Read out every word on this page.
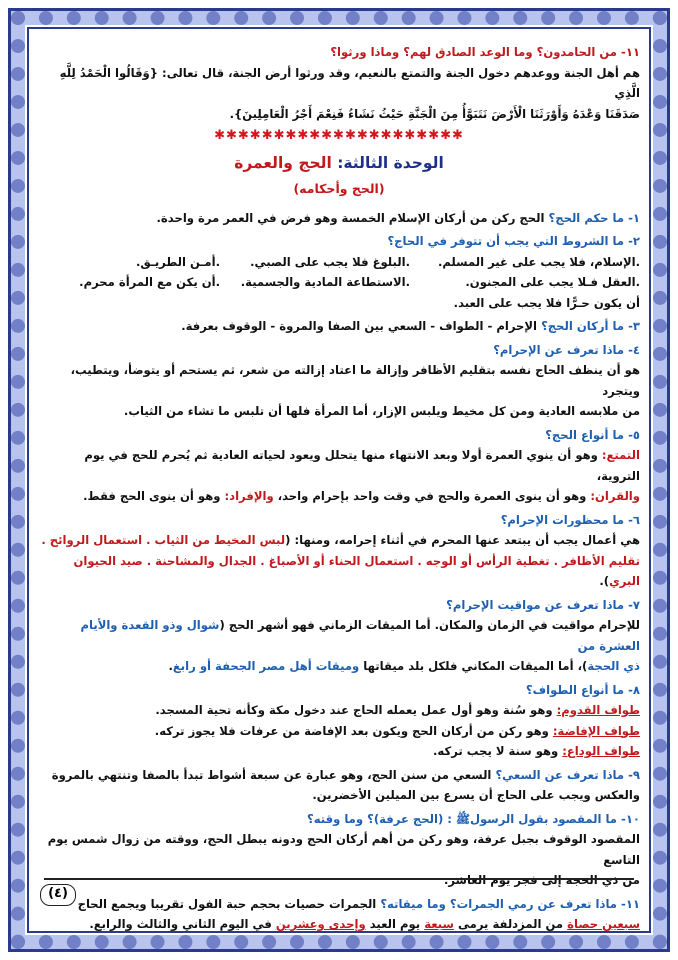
١١- من الحامدون؟ وما الوعد الصادق لهم؟ وماذا ورثوا؟

هم أهل الجنة ووعدهم دخول الجنة والتمتع بالنعيم، وقد ورثوا أرض الجنة، قال تعالى: {وَقَالُوا الْحَمْدُ لِلَّهِ الَّذِي

صَدَقَنَا وَعْدَهُ وَأَوْرَثَنَا الْأَرْضَ نَتَبَوَّأُ مِنَ الْجَنَّةِ حَيْثُ نَشَاءُ فَنِعْمَ أَجْرُ الْعَامِلِينَ}.

✱✱✱✱✱✱✱✱✱✱✱✱✱✱✱✱✱✱✱✱✱
الوحدة الثالثة: الحج والعمرة
(الحج وأحكامه)

١- ما حكم الحج؟ الحج ركن من أركان الإسلام الخمسة وهو فرض في العمر مرة واحدة.

٢- ما الشروط التي يجب أن تتوفر في الحاج؟

.الإسلام، فلا يجب على غير المسلم.
.البلوغ فلا يجب على الصبي.
.أمـن الطريـق.
.العقل فـلا يجب على المجنون.
.الاستطاعة المادية والجسمية.
.أن يكن مع المرأة محرم.

أن يكون حـرًّا فلا يجب على العبد.

٣- ما أركان الحج؟ الإحرام - الطواف - السعي بين الصفا والمروة - الوقوف بعرفة.

٤- ماذا تعرف عن الإحرام؟

هو أن ينظف الحاج نفسه بتقليم الأظافر وإزالة ما اعتاد إزالته من شعر، ثم يستحم أو يتوضأ، ويتطيب، ويتجرد

من ملابسه العادية ومن كل مخيط ويلبس الإزار، أما المرأة فلها أن تلبس ما تشاء من الثياب.

٥- ما أنواع الحج؟

التمتع: وهو أن ينوي العمرة أولا وبعد الانتهاء منها يتحلل ويعود لحياته العادية ثم يُحرم للحج في يوم التروية،

والقران: وهو أن ينوى العمرة والحج في وقت واحد بإحرام واحد، والإفراد: وهو أن ينوى الحج فقط.

٦- ما محظورات الإحرام؟

هي أعمال يجب أن يبتعد عنها المحرم في أثناء إحرامه، ومنها: (لبس المخيط من الثياب . استعمال الروائح .

تقليم الأظافر . تغطية الرأس أو الوجه . استعمال الحناء أو الأصباغ . الجدال والمشاحنة . صيد الحيوان البري).

٧- ماذا تعرف عن مواقيت الإحرام؟

للإحرام مواقيت في الزمان والمكان. أما الميقات الزماني فهو أشهر الحج (شوال وذو القعدة والأيام العشرة من

ذي الحجة)، أما الميقات المكاني فلكل بلد ميقاتها وميقات أهل مصر الجحفة أو رابغ.

٨- ما أنواع الطواف؟

طواف القدوم: وهو سُنة وهو أول عمل يعمله الحاج عند دخول مكة وكأنه تحية المسجد.

طواف الإفاضة: وهو ركن من أركان الحج ويكون بعد الإفاضة من عرفات فلا يجوز تركه.

طواف الوداع: وهو سنة لا يجب تركه.

٩- ماذا تعرف عن السعي؟ السعي من سنن الحج، وهو عبارة عن سبعة أشواط تبدأ بالصفا وتنتهي بالمروة

والعكس ويجب على الحاج أن يسرع بين الميلين الأخضرين.

١٠- ما المقصود بقول الرسولﷺ : (الحج عرفة)؟ وما وقته؟

المقصود الوقوف بجبل عرفة، وهو ركن من أهم أركان الحج ودونه يبطل الحج، ووقته من زوال شمس يوم التاسع

من ذي الحجة إلى فجر يوم العاشر.

١١- ماذا تعرف عن رمي الجمرات؟ وما ميقاته؟ الجمرات حصيات بحجم حبة الفول تقريبا ويجمع الحاج

سبعين حصاة من المزدلفة يرمى سبعة يوم العيد وإحدى وعشرين في اليوم الثاني والثالث والرابع.

(٤)
